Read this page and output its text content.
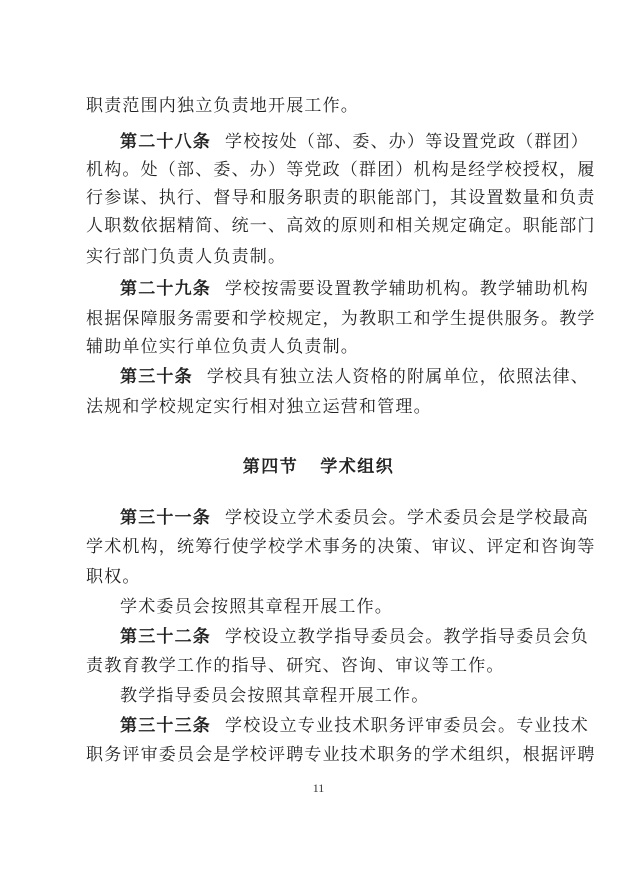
职责范围内独立负责地开展工作。
第二十八条 学校按处（部、委、办）等设置党政（群团）
机构。处（部、委、办）等党政（群团）机构是经学校授权，履
行参谋、执行、督导和服务职责的职能部门，其设置数量和负责
人职数依据精简、统一、高效的原则和相关规定确定。职能部门
实行部门负责人负责制。
第二十九条 学校按需要设置教学辅助机构。教学辅助机构
根据保障服务需要和学校规定，为教职工和学生提供服务。教学
辅助单位实行单位负责人负责制。
第三十条 学校具有独立法人资格的附属单位，依照法律、
法规和学校规定实行相对独立运营和管理。
第四节 学术组织
第三十一条 学校设立学术委员会。学术委员会是学校最高
学术机构，统筹行使学校学术事务的决策、审议、评定和咨询等
职权。
学术委员会按照其章程开展工作。
第三十二条 学校设立教学指导委员会。教学指导委员会负
责教育教学工作的指导、研究、咨询、审议等工作。
教学指导委员会按照其章程开展工作。
第三十三条 学校设立专业技术职务评审委员会。专业技术
职务评审委员会是学校评聘专业技术职务的学术组织，根据评聘
11
